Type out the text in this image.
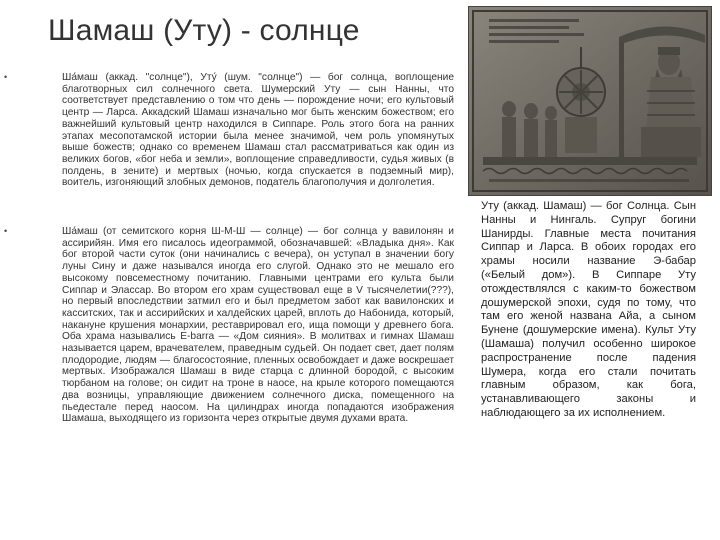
Шамаш (Уту) - солнце
•	Ша́маш (аккад. "солнце"), Уту́ (шум. "солнце") — бог солнца, воплощение благотворных сил солнечного света. Шумерский Уту — сын Нанны, что соответствует представлению о том что день — порождение ночи; его культовый центр — Ларса. Аккадский Шамаш изначально мог быть женским божеством; его важнейший культовый центр находился в Сиппаре. Роль этого бога на ранних этапах месопотамской истории была менее значимой, чем роль упомянутых выше божеств; однако со временем Шамаш стал рассматриваться как один из великих богов, «бог неба и земли», воплощение справедливости, судья живых (в полдень, в зените) и мертвых (ночью, когда спускается в подземный мир), воитель, изгоняющий злобных демонов, податель благополучия и долголетия.
•	Ша́маш (от семитского корня Ш-М-Ш — солнце) — бог солнца у вавилонян и ассирийян. Имя его писалось идеограммой, обозначавшей: «Владыка дня». Как бог второй части суток (они начинались с вечера), он уступал в значении богу луны Сину и даже назывался иногда его слугой. Однако это не мешало его высокому повсеместному почитанию. Главными центрами его культа были Сиппар и Элассар. Во втором его храм существовал еще в V тысячелетии(???), но первый впоследствии затмил его и был предметом забот как вавилонских и касситских, так и ассирийских и халдейских царей, вплоть до Набонида, который, накануне крушения монархии, реставрировал его, ища помощи у древнего бога. Оба храма назывались E-barra — «Дом сияния». В молитвах и гимнах Шамаш называется царем, врачевателем, праведным судьей. Он подает свет, дает полям плодородие, людям — благосостояние, пленных освобождает и даже воскрешает мертвых. Изображался Шамаш в виде старца с длинной бородой, с высоким тюрбаном на голове; он сидит на троне в наосе, на крыле которого помещаются два возницы, управляющие движением солнечного диска, помещенного на пьедестале перед наосом. На цилиндрах иногда попадаются изображения Шамаша, выходящего из горизонта через открытые двумя духами врата.
Уту (аккад. Шамаш) — бог Солнца. Сын Нанны и Нингаль. Супруг богини Шанирды. Главные места почитания Сиппар и Ларса. В обоих городах его храмы носили название Э-бабар («Белый дом»). В Сиппаре Уту отождествлялся с каким-то божеством дошумерской эпохи, судя по тому, что там его женой названа Айа, а сыном Бунене (дошумерские имена). Культ Уту (Шамаша) получил особенно широкое распространение после падения Шумера, когда его стали почитать главным образом, как бога, устанавливающего законы и наблюдающего за их исполнением.
